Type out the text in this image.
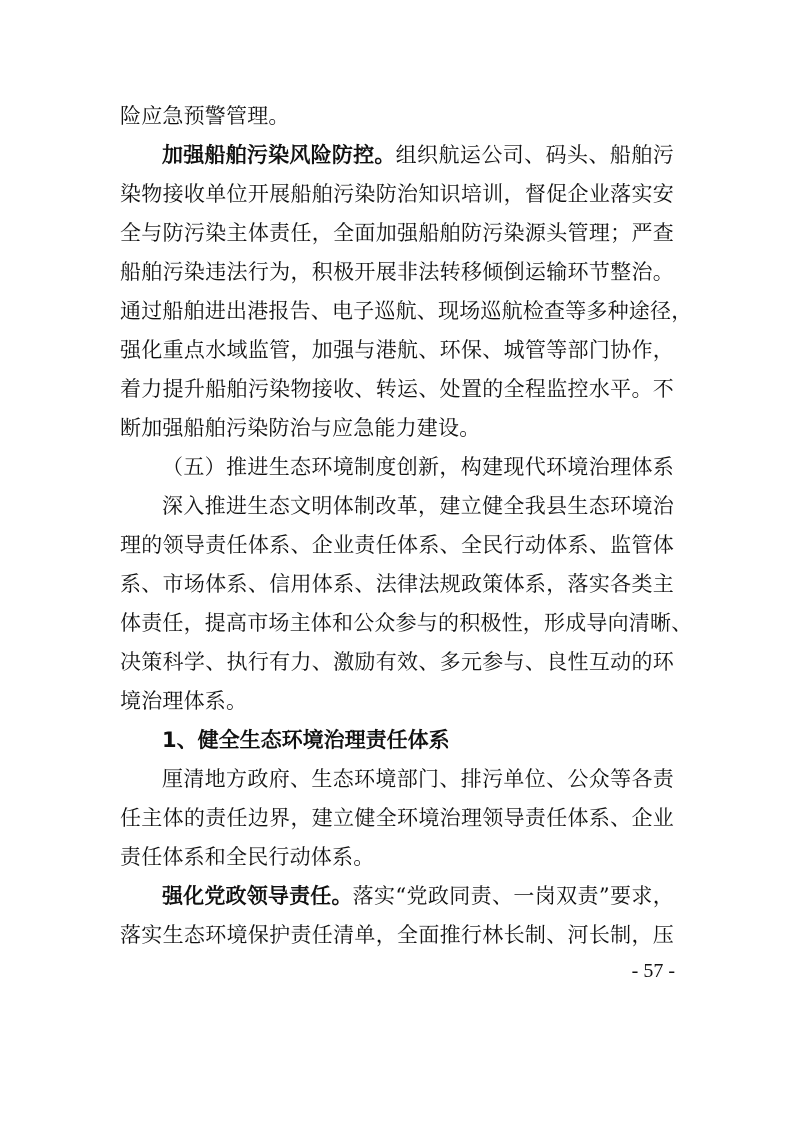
险应急预警管理。
加强船舶污染风险防控。组织航运公司、码头、船舶污
染物接收单位开展船舶污染防治知识培训，督促企业落实安
全与防污染主体责任，全面加强船舶防污染源头管理；严查
船舶污染违法行为，积极开展非法转移倾倒运输环节整治。
通过船舶进出港报告、电子巡航、现场巡航检查等多种途径，
强化重点水域监管，加强与港航、环保、城管等部门协作，
着力提升船舶污染物接收、转运、处置的全程监控水平。不
断加强船舶污染防治与应急能力建设。
（五）推进生态环境制度创新，构建现代环境治理体系
深入推进生态文明体制改革，建立健全我县生态环境治
理的领导责任体系、企业责任体系、全民行动体系、监管体
系、市场体系、信用体系、法律法规政策体系，落实各类主
体责任，提高市场主体和公众参与的积极性，形成导向清晰、
决策科学、执行有力、激励有效、多元参与、良性互动的环
境治理体系。
1、健全生态环境治理责任体系
厘清地方政府、生态环境部门、排污单位、公众等各责
任主体的责任边界，建立健全环境治理领导责任体系、企业
责任体系和全民行动体系。
强化党政领导责任。落实“党政同责、一岗双责”要求，
落实生态环境保护责任清单，全面推行林长制、河长制，压
- 57 -
